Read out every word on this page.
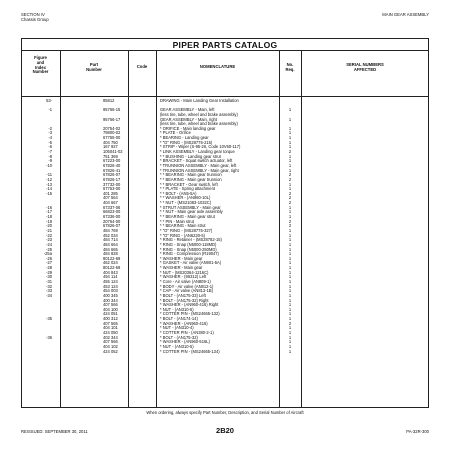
SECTION IV
Chassis Group
MAIN GEAR ASSEMBLY
PIPER PARTS CATALOG
Figure
and
Index
Number
Part
Number
Code	NOMENCLATURE	No.
Req.
SERIAL NUMBERS
AFFECTED
53-	85812	DRAWING - Main Landing Gear Installation
-1	95766-15	GEAR ASSEMBLY - Main, left	1
(less tire, tube, wheel and brake assembly)
95766-17	GEAR ASSEMBLY - Main, right	1
(less tire, tube, wheel and brake assembly)
-2	20754-02	* ORIFICE - Main landing gear	1
-3	79800-02	* PLATE - Orifice	1
-4	67755-00	* BEARING - Landing gear	1
-5	404 750	* "O" RING - (MS28775-215)	1
-6	167 927	* STRIP - Wiper (S-95-26, Code 10V60-117)	1
-7	105041-02	* LINK ASSEMBLY - Landing gear torque	2
-8	751 369	* * BUSHING - Landing gear strut	1
-9	67223-00	* BRACKET - Squat switch actuator, left	1
-10	67826-40	* TRUNNION ASSEMBLY - Main gear, left	1
67826-41	* TRUNNION ASSEMBLY - Main gear, right	1
-11	67826-07	* * BEARING - Main gear trunnion	2
-12	67826-17	* * BEARING - Main gear trunnion	2
-13	37732-00	* * BRACKET - Gear switch, left	1
-14	67753-00	* * PLATE - Spring attachment	1
-15	401 285	* * BOLT - (AN5-5A)	2
407 564	* * WASHER - (AN960-10L)	2
404 667	* * NUT - (MS21083-1032C)	2
-16	67337-06	* STRUT ASSEMBLY - Main gear	1
-17	66823-00	* * NUT - Main gear axle assembly	1
-18	67336-00	* * BEARING - Main gear strut	1
-19	20764-00	* * PIN - Main strut	2
-20	67826-07	* * BEARING - Main strut	2
-21	484 769	* "O" RING - (MS28775-327)	1
-22	452 034	* "O" RING - (AN6230-5)	1
-23	484 714	* RING - Retainer - (MS28782-15)	1
-24	484 664	* RING - Snap (N5000-118MD)	1
-25	484 665	* RING - Snap (N5000-250MD)	1
-25a	484 828	* RING - Compression (R19047)	1
-26	80122-69	* WASHER - Main gear	1
-27	462 024	* GASKET - Air valve (AN901-5A)	1
-28	80122-69	* WASHER - Main gear	1
-29	404 843	* NUT - (MS20364-1216C)	1
-30	494 114	* WASHER - (96312) Left	1
-31	455 124	* Core - Air valve (AN809-1)	1
-32	453 124	* BODY - Air valve (AN812-1)	1
-33	454 003	* CAP - Air valve (AN813-1B)	1
-34	400 345	* BOLT - (AN175-33) Left	1
400 344	* BOLT - (AN175-32) Right	1
407 566	* WASHER - (AN960-416) Right	1
404 100	* NUT - (AN310-5)	1
424 051	* COTTER PIN - (MS24665-132)	1
-35	400 312	* BOLT - (AN174-14)	1
407 565	* WASHER - (AN960-416)	2
404 101	* NUT - (AN310-4)	1
424 050	* COTTER PIN - (AN380-2-1)	1
-36	402 344	* BOLT - (AN175-32)	1
407 566	* WASHER - (AN960-516L)	1
404 102	* NUT - (AN310-5)	1
424 052	* COTTER PIN - (MS24665-134)	1
When ordering, always specify Part Number, Description, and Serial Number of Aircraft
REISSUED: SEPTEMBER 30, 2011	2B20	PA-32R-300
